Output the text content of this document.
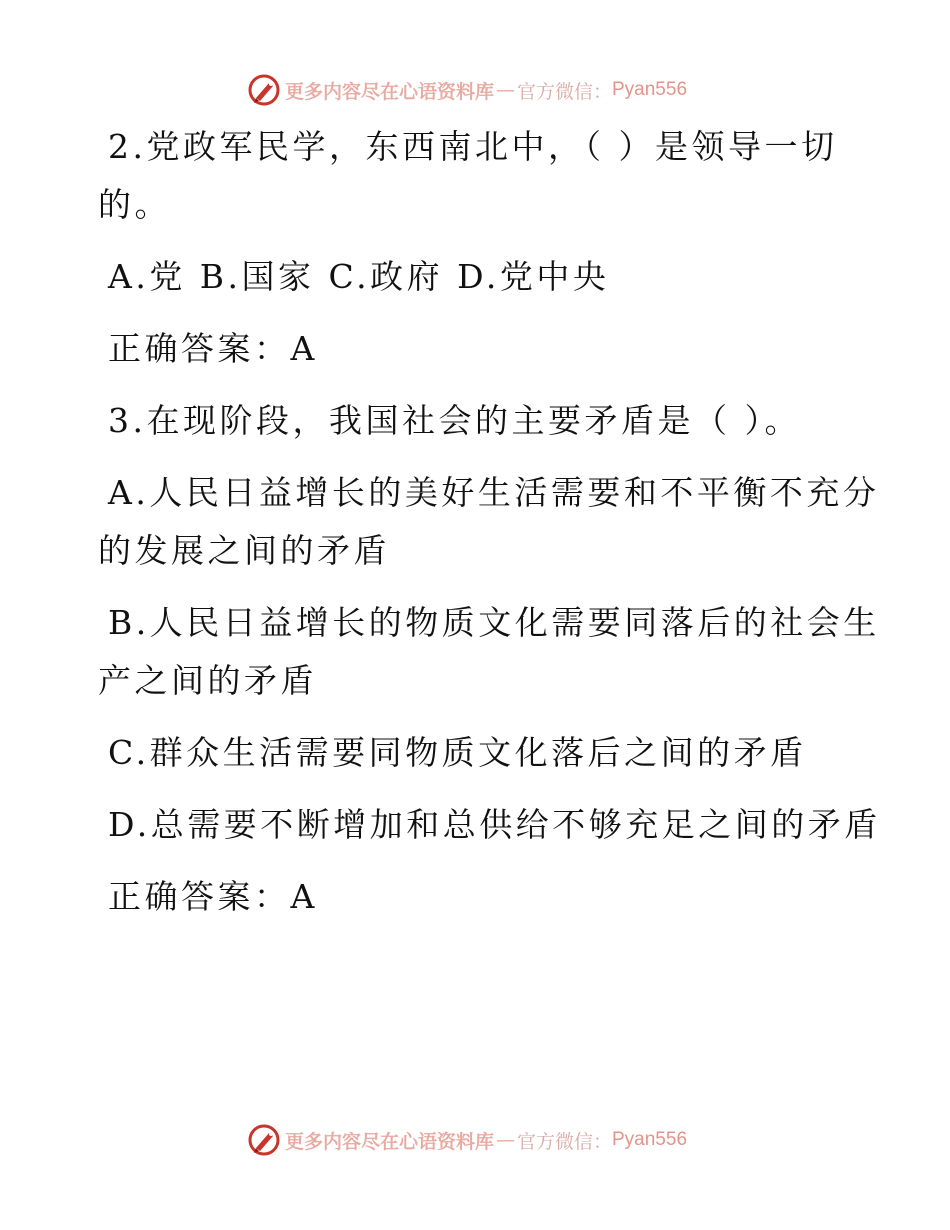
更多内容尽在心语资料库 — 官方微信： Pyan556

2.党政军民学，东西南北中，（ ）是领导一切

的。

A.党 B.国家 C.政府 D.党中央

正确答案：A

3.在现阶段，我国社会的主要矛盾是（ ）。

A.人民日益增长的美好生活需要和不平衡不充分

的发展之间的矛盾

B.人民日益增长的物质文化需要同落后的社会生

产之间的矛盾

C.群众生活需要同物质文化落后之间的矛盾

D.总需要不断增加和总供给不够充足之间的矛盾

正确答案：A

更多内容尽在心语资料库 — 官方微信： Pyan556
